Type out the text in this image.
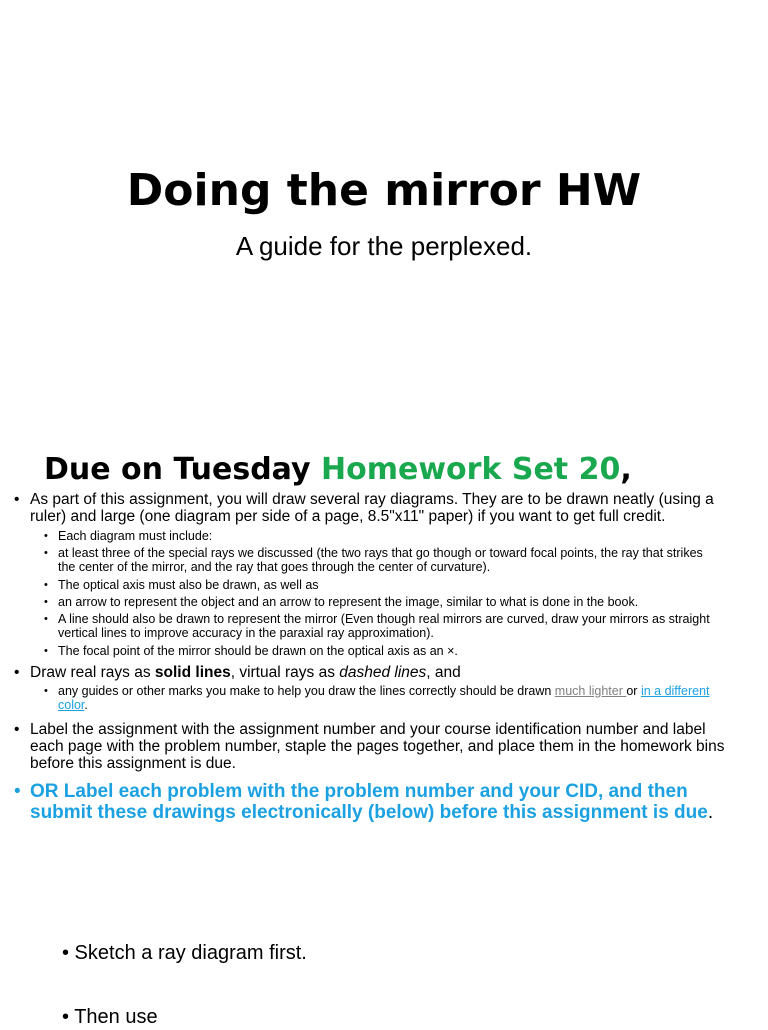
Doing the mirror HW

A guide for the perplexed.

Due on Tuesday Homework Set 20,
• As part of this assignment, you will draw several ray diagrams. They are to be drawn neatly (using a ruler) and large (one diagram per side of a page, 8.5"x11" paper) if you want to get full credit.
• Each diagram must include:
• at least three of the special rays we discussed (the two rays that go though or toward focal points, the ray that strikes the center of the mirror, and the ray that goes through the center of curvature).
• The optical axis must also be drawn, as well as
• an arrow to represent the object and an arrow to represent the image, similar to what is done in the book.
• A line should also be drawn to represent the mirror (Even though real mirrors are curved, draw your mirrors as straight vertical lines to improve accuracy in the paraxial ray approximation).
• The focal point of the mirror should be drawn on the optical axis as an ×.
• Draw real rays as solid lines, virtual rays as dashed lines, and
• any guides or other marks you make to help you draw the lines correctly should be drawn much lighter or in a different color.
• Label the assignment with the assignment number and your course identification number and label each page with the problem number, staple the pages together, and place them in the homework bins before this assignment is due.
• OR Label each problem with the problem number and your CID, and then submit these drawings electronically (below) before this assignment is due.
• Sketch a ray diagram first.
• Then use
